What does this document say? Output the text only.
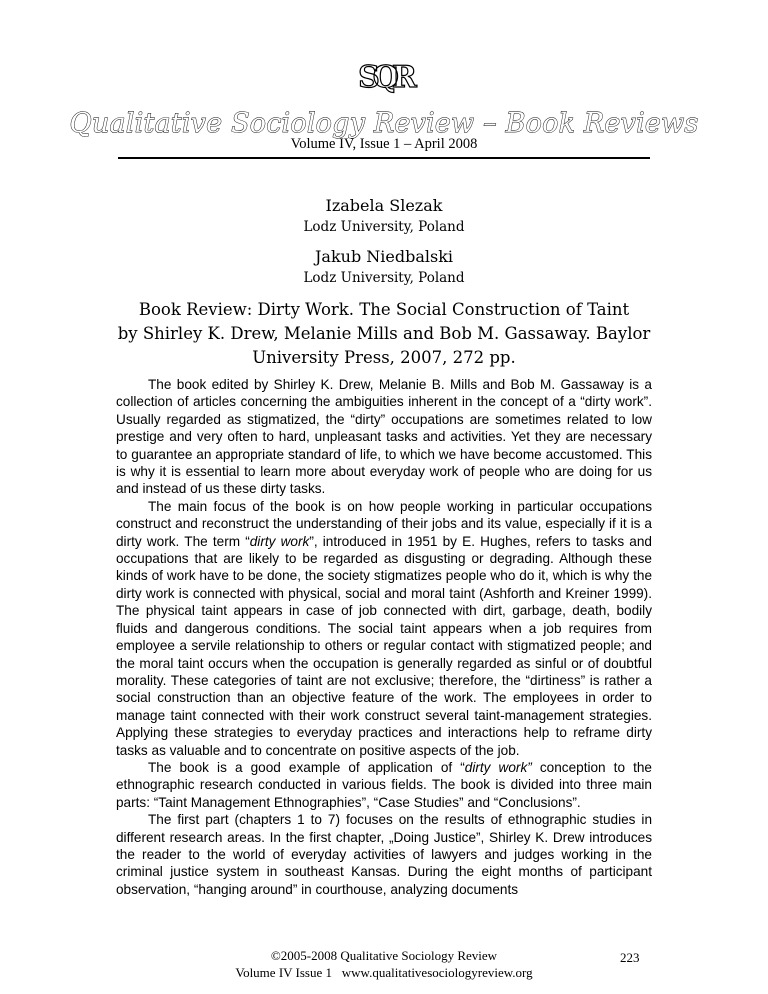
SQR
Qualitative Sociology Review – Book Reviews
Volume IV, Issue 1 – April 2008
Izabela Slezak
Lodz University, Poland
Jakub Niedbalski
Lodz University, Poland
Book Review: Dirty Work. The Social Construction of Taint
by Shirley K. Drew, Melanie Mills and Bob M. Gassaway. Baylor
University Press, 2007, 272 pp.

The book edited by Shirley K. Drew, Melanie B. Mills and Bob M. Gassaway is a collection of articles concerning the ambiguities inherent in the concept of a “dirty work”. Usually regarded as stigmatized, the “dirty” occupations are sometimes related to low prestige and very often to hard, unpleasant tasks and activities. Yet they are necessary to guarantee an appropriate standard of life, to which we have become accustomed. This is why it is essential to learn more about everyday work of people who are doing for us and instead of us these dirty tasks.

The main focus of the book is on how people working in particular occupations construct and reconstruct the understanding of their jobs and its value, especially if it is a dirty work. The term “dirty work”, introduced in 1951 by E. Hughes, refers to tasks and occupations that are likely to be regarded as disgusting or degrading. Although these kinds of work have to be done, the society stigmatizes people who do it, which is why the dirty work is connected with physical, social and moral taint (Ashforth and Kreiner 1999). The physical taint appears in case of job connected with dirt, garbage, death, bodily fluids and dangerous conditions. The social taint appears when a job requires from employee a servile relationship to others or regular contact with stigmatized people; and the moral taint occurs when the occupation is generally regarded as sinful or of doubtful morality. These categories of taint are not exclusive; therefore, the “dirtiness” is rather a social construction than an objective feature of the work. The employees in order to manage taint connected with their work construct several taint-management strategies. Applying these strategies to everyday practices and interactions help to reframe dirty tasks as valuable and to concentrate on positive aspects of the job.

The book is a good example of application of “dirty work” conception to the ethnographic research conducted in various fields. The book is divided into three main parts: “Taint Management Ethnographies”, “Case Studies” and “Conclusions”.

The first part (chapters 1 to 7) focuses on the results of ethnographic studies in different research areas. In the first chapter, „Doing Justice”, Shirley K. Drew introduces the reader to the world of everyday activities of lawyers and judges working in the criminal justice system in southeast Kansas. During the eight months of participant observation, “hanging around” in courthouse, analyzing documents

©2005-2008 Qualitative Sociology Review
Volume IV Issue 1   www.qualitativesociologyreview.org
223
